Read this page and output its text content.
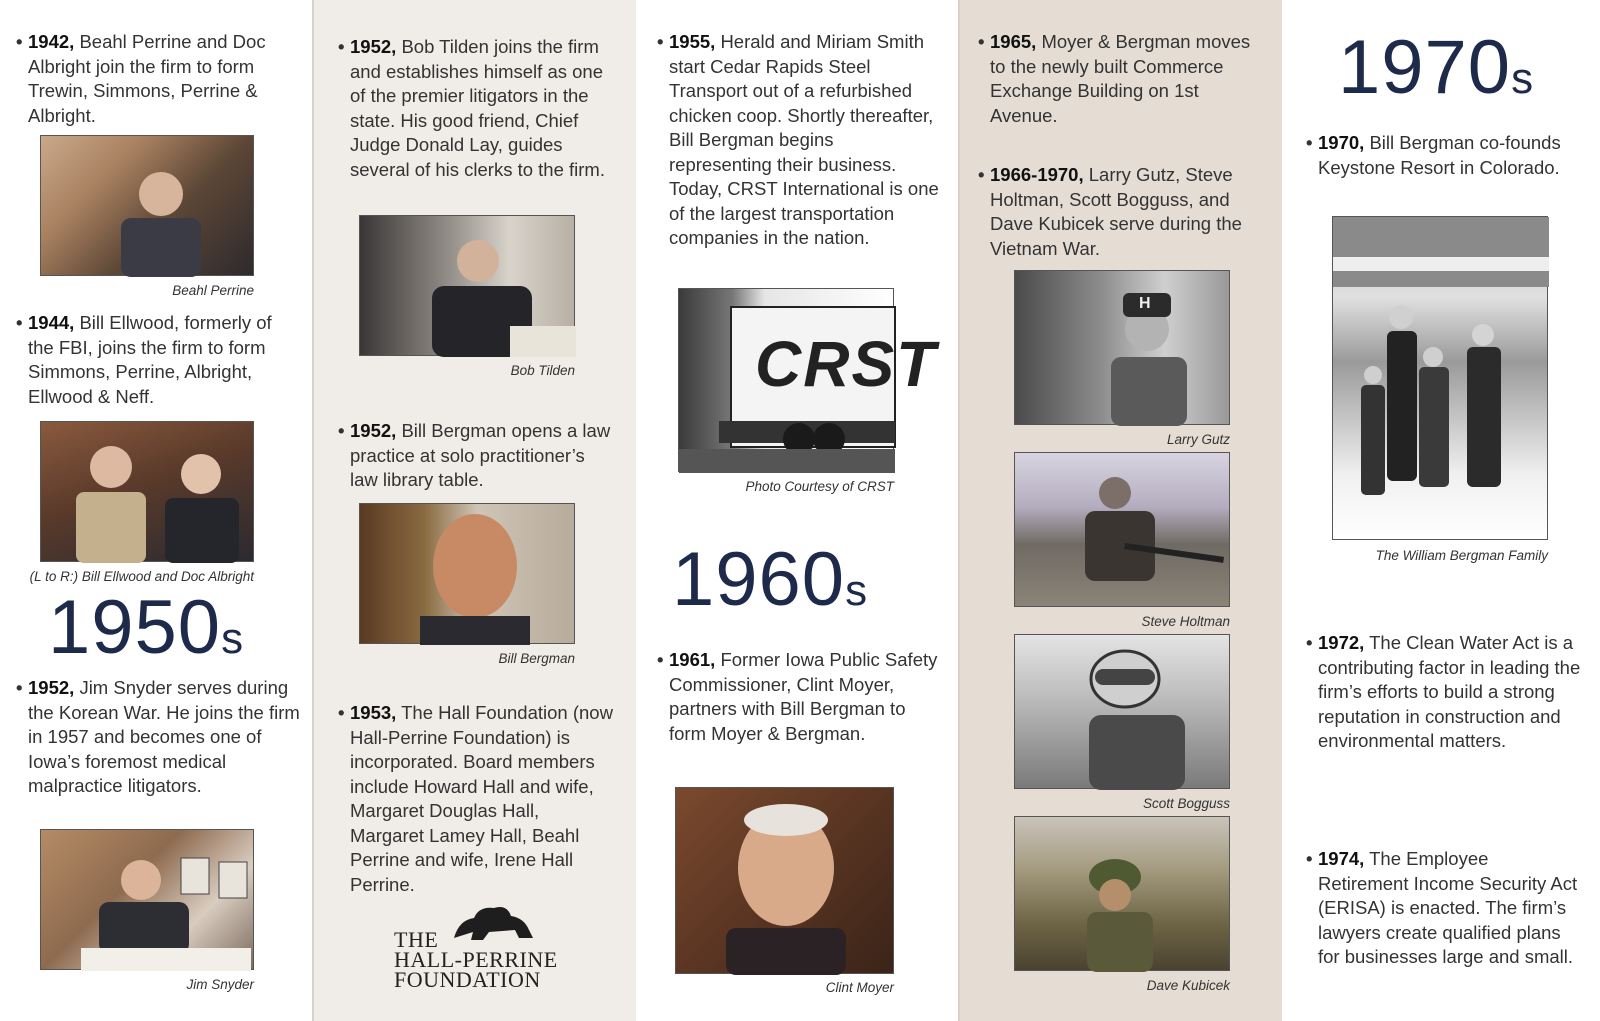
• 1942, Beahl Perrine and Doc Albright join the firm to form Trewin, Simmons, Perrine & Albright.
Beahl Perrine
• 1944, Bill Ellwood, formerly of the FBI, joins the firm to form Simmons, Perrine, Albright, Ellwood & Neff.
(L to R:) Bill Ellwood and Doc Albright
1950s
• 1952, Jim Snyder serves during the Korean War. He joins the firm in 1957 and becomes one of Iowa’s foremost medical malpractice litigators.
Jim Snyder
• 1952, Bob Tilden joins the firm and establishes himself as one of the premier litigators in the state. His good friend, Chief Judge Donald Lay, guides several of his clerks to the firm.
Bob Tilden
• 1952, Bill Bergman opens a law practice at solo practitioner’s law library table.
Bill Bergman
• 1953, The Hall Foundation (now Hall-Perrine Foundation) is incorporated. Board members include Howard Hall and wife, Margaret Douglas Hall, Margaret Lamey Hall, Beahl Perrine and wife, Irene Hall Perrine.
THE
HALL-PERRINE
FOUNDATION
• 1955, Herald and Miriam Smith start Cedar Rapids Steel Transport out of a refurbished chicken coop. Shortly thereafter, Bill Bergman begins representing their business. Today, CRST International is one of the largest transportation companies in the nation.
CRST
Photo Courtesy of CRST
1960s
• 1961, Former Iowa Public Safety Commissioner, Clint Moyer, partners with Bill Bergman to form Moyer & Bergman.
Clint Moyer
• 1965, Moyer & Bergman moves to the newly built Commerce Exchange Building on 1st Avenue.
• 1966-1970, Larry Gutz, Steve Holtman, Scott Bogguss, and Dave Kubicek serve during the Vietnam War.
H
Larry Gutz
Steve Holtman
Scott Bogguss
Dave Kubicek
1970s
• 1970, Bill Bergman co-founds Keystone Resort in Colorado.
The William Bergman Family
• 1972, The Clean Water Act is a contributing factor in leading the firm’s efforts to build a strong reputation in construction and environmental matters.
• 1974, The Employee Retirement Income Security Act (ERISA) is enacted. The firm’s lawyers create qualified plans for businesses large and small.
